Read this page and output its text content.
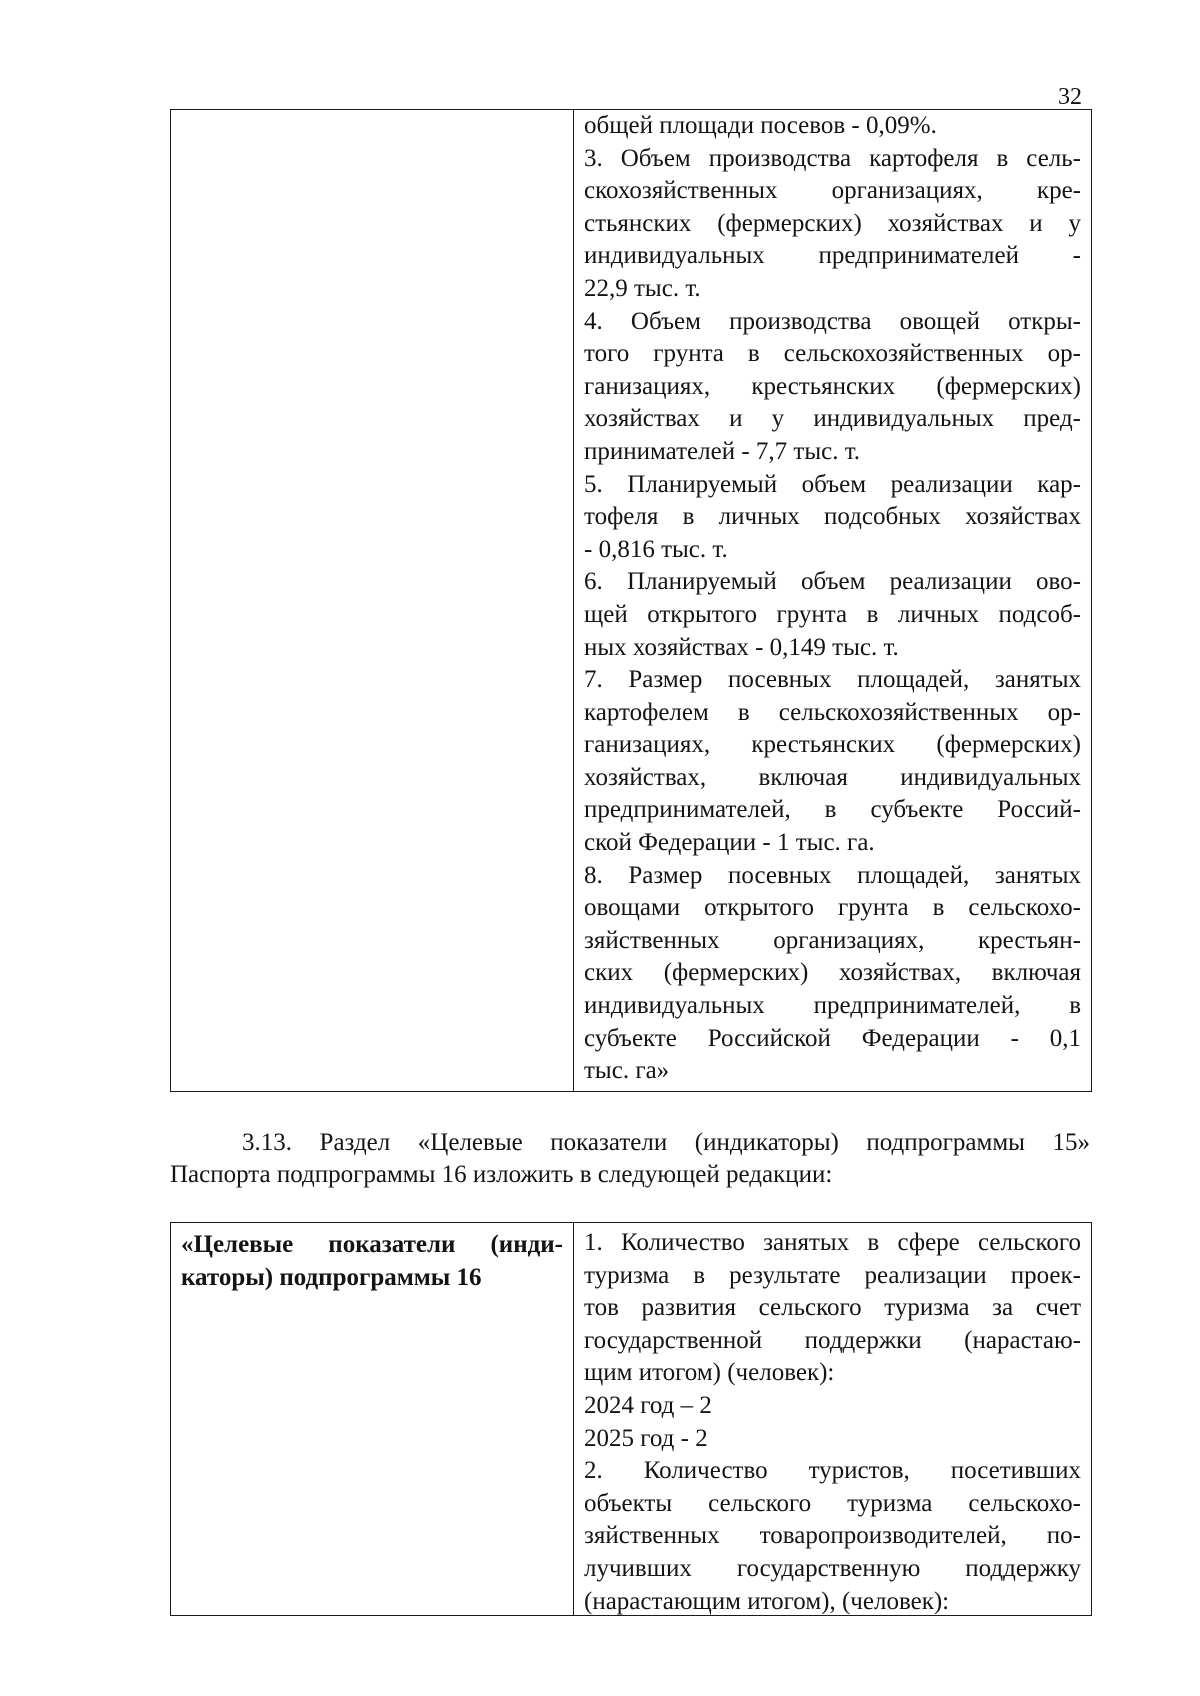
32
общей площади посевов - 0,09%.
3. Объем производства картофеля в сель-
скохозяйственных организациях, кре-
стьянских (фермерских) хозяйствах и у
индивидуальных предпринимателей -
22,9 тыс. т.
4. Объем производства овощей откры-
того грунта в сельскохозяйственных ор-
ганизациях, крестьянских (фермерских)
хозяйствах и у индивидуальных пред-
принимателей - 7,7 тыс. т.
5. Планируемый объем реализации кар-
тофеля в личных подсобных хозяйствах
- 0,816 тыс. т.
6. Планируемый объем реализации ово-
щей открытого грунта в личных подсоб-
ных хозяйствах - 0,149 тыс. т.
7. Размер посевных площадей, занятых
картофелем в сельскохозяйственных ор-
ганизациях, крестьянских (фермерских)
хозяйствах, включая индивидуальных
предпринимателей, в субъекте Россий-
ской Федерации - 1 тыс. га.
8. Размер посевных площадей, занятых
овощами открытого грунта в сельскохо-
зяйственных организациях, крестьян-
ских (фермерских) хозяйствах, включая
индивидуальных предпринимателей, в
субъекте Российской Федерации - 0,1
тыс. га»
3.13. Раздел «Целевые показатели (индикаторы) подпрограммы 15»
Паспорта подпрограммы 16 изложить в следующей редакции:
«Целевые показатели (инди-
каторы) подпрограммы 16
1. Количество занятых в сфере сельского
туризма в результате реализации проек-
тов развития сельского туризма за счет
государственной поддержки (нарастаю-
щим итогом) (человек):
2024 год – 2
2025 год - 2
2. Количество туристов, посетивших
объекты сельского туризма сельскохо-
зяйственных товаропроизводителей, по-
лучивших государственную поддержку
(нарастающим итогом), (человек):
